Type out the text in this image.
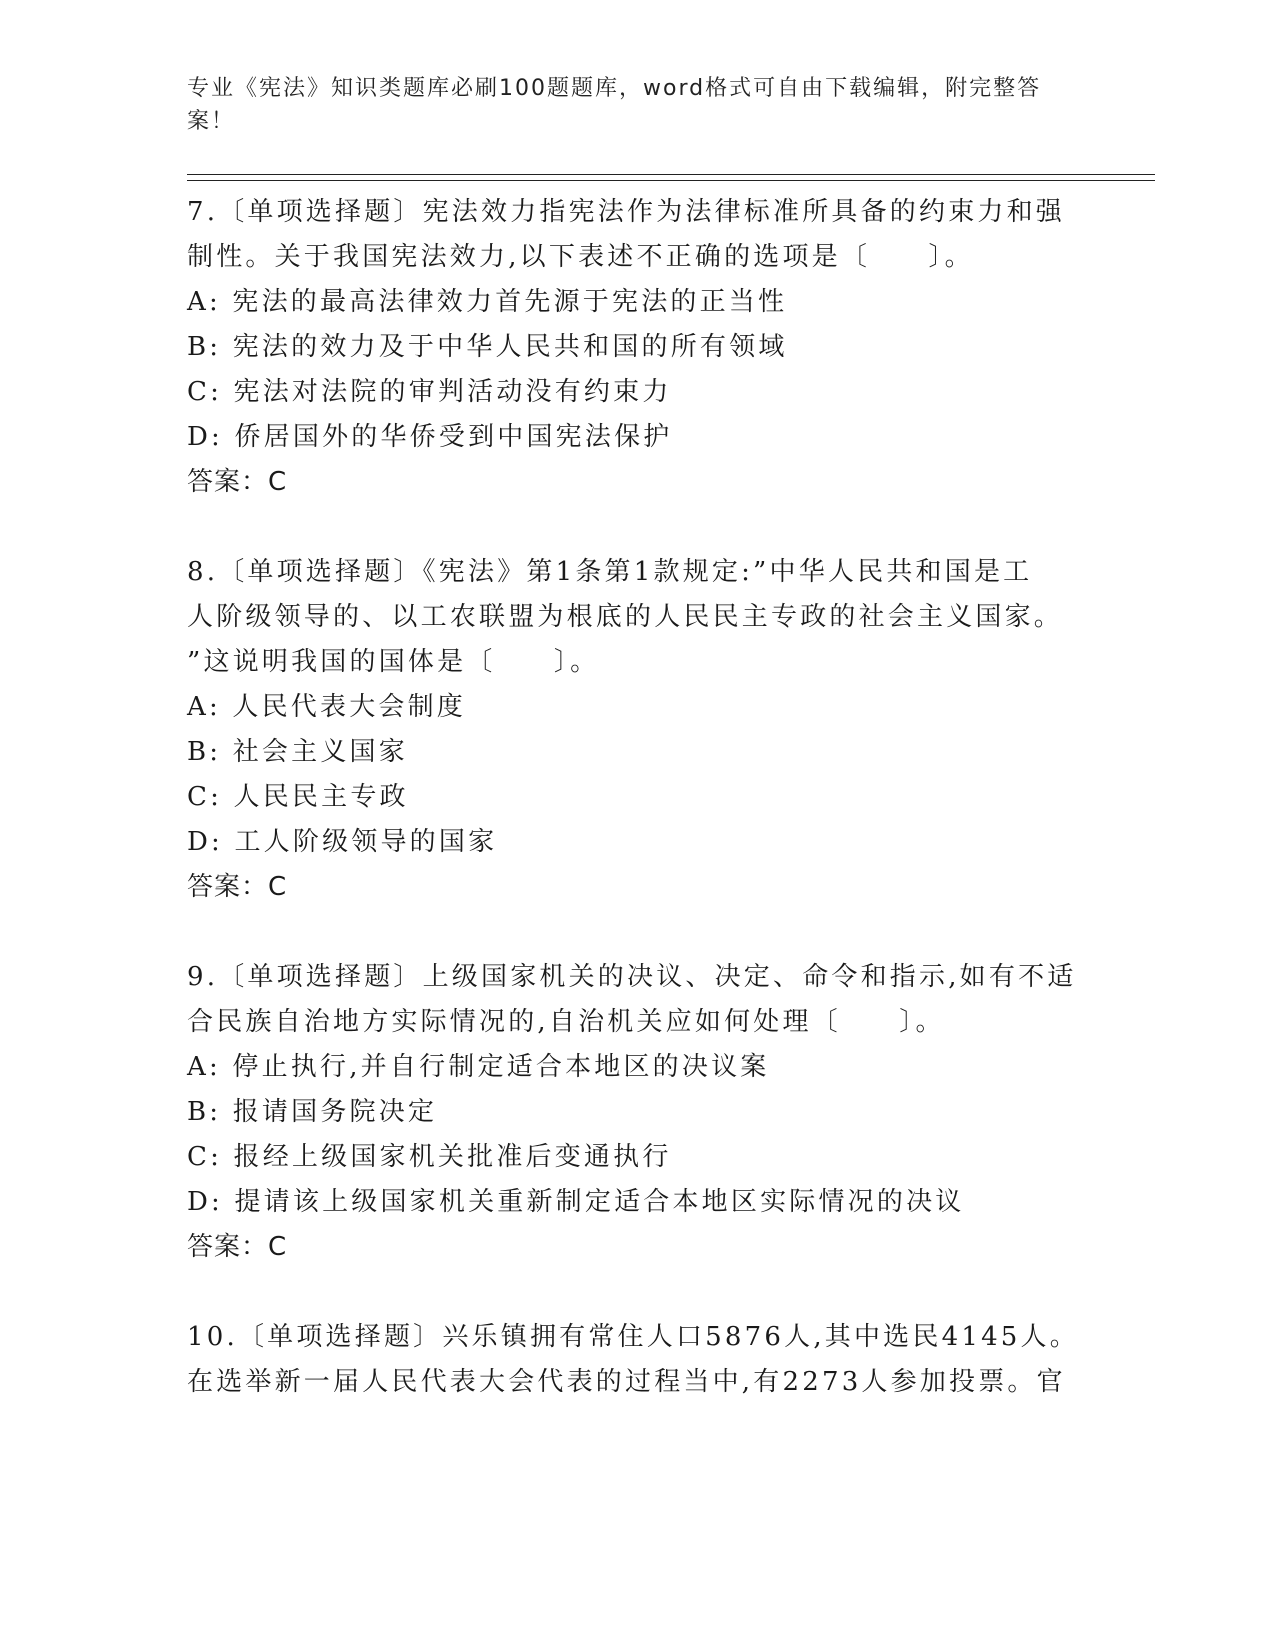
专业《宪法》知识类题库必刷100题题库，word格式可自由下载编辑，附完整答
案！

7.〔单项选择题〕宪法效力指宪法作为法律标准所具备的约束力和强

制性。关于我国宪法效力,以下表述不正确的选项是〔　　〕。

A: 宪法的最高法律效力首先源于宪法的正当性

B: 宪法的效力及于中华人民共和国的所有领域

C: 宪法对法院的审判活动没有约束力

D: 侨居国外的华侨受到中国宪法保护

答案：C

8.〔单项选择题〕《宪法》第1条第1款规定:”中华人民共和国是工

人阶级领导的、以工农联盟为根底的人民民主专政的社会主义国家。

”这说明我国的国体是〔　　〕。

A: 人民代表大会制度

B: 社会主义国家

C: 人民民主专政

D: 工人阶级领导的国家

答案：C

9.〔单项选择题〕上级国家机关的决议、决定、命令和指示,如有不适

合民族自治地方实际情况的,自治机关应如何处理〔　　〕。

A: 停止执行,并自行制定适合本地区的决议案

B: 报请国务院决定

C: 报经上级国家机关批准后变通执行

D: 提请该上级国家机关重新制定适合本地区实际情况的决议

答案：C

10.〔单项选择题〕兴乐镇拥有常住人口5876人,其中选民4145人。

在选举新一届人民代表大会代表的过程当中,有2273人参加投票。官
